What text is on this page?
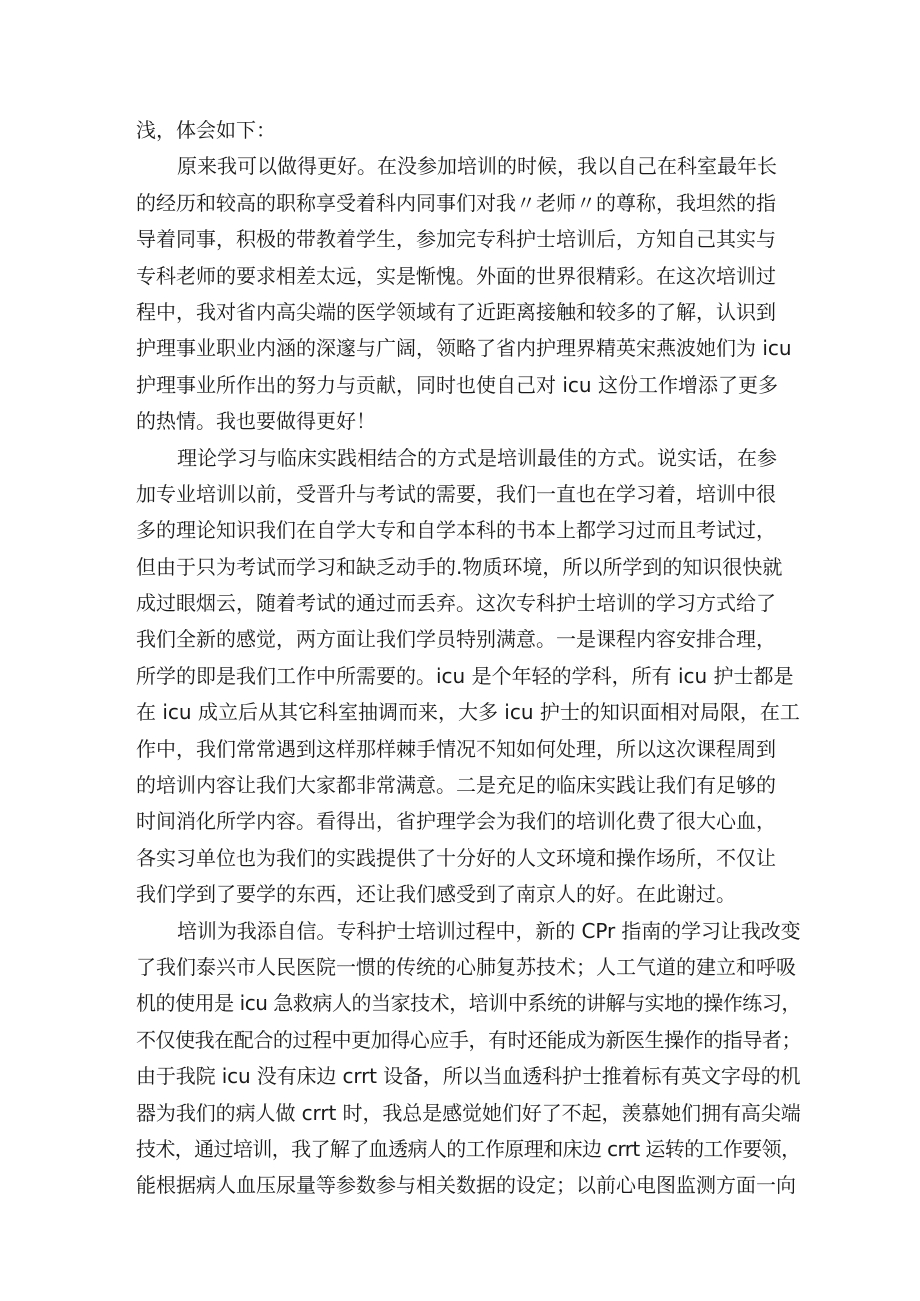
浅，体会如下：
原来我可以做得更好。在没参加培训的时候，我以自己在科室最年长
的经历和较高的职称享受着科内同事们对我〃老师〃的尊称，我坦然的指
导着同事，积极的带教着学生，参加完专科护士培训后，方知自己其实与
专科老师的要求相差太远，实是惭愧。外面的世界很精彩。在这次培训过
程中，我对省内高尖端的医学领域有了近距离接触和较多的了解，认识到
护理事业职业内涵的深邃与广阔，领略了省内护理界精英宋燕波她们为 icu
护理事业所作出的努力与贡献，同时也使自己对 icu 这份工作增添了更多
的热情。我也要做得更好！
理论学习与临床实践相结合的方式是培训最佳的方式。说实话，在参
加专业培训以前，受晋升与考试的需要，我们一直也在学习着，培训中很
多的理论知识我们在自学大专和自学本科的书本上都学习过而且考试过，
但由于只为考试而学习和缺乏动手的.物质环境，所以所学到的知识很快就
成过眼烟云，随着考试的通过而丢弃。这次专科护士培训的学习方式给了
我们全新的感觉，两方面让我们学员特别满意。一是课程内容安排合理，
所学的即是我们工作中所需要的。icu 是个年轻的学科，所有 icu 护士都是
在 icu 成立后从其它科室抽调而来，大多 icu 护士的知识面相对局限，在工
作中，我们常常遇到这样那样棘手情况不知如何处理，所以这次课程周到
的培训内容让我们大家都非常满意。二是充足的临床实践让我们有足够的
时间消化所学内容。看得出，省护理学会为我们的培训化费了很大心血，
各实习单位也为我们的实践提供了十分好的人文环境和操作场所，不仅让
我们学到了要学的东西，还让我们感受到了南京人的好。在此谢过。
培训为我添自信。专科护士培训过程中，新的 CPr 指南的学习让我改变
了我们泰兴市人民医院一惯的传统的心肺复苏技术；人工气道的建立和呼吸
机的使用是 icu 急救病人的当家技术，培训中系统的讲解与实地的操作练习，
不仅使我在配合的过程中更加得心应手，有时还能成为新医生操作的指导者；
由于我院 icu 没有床边 crrt 设备，所以当血透科护士推着标有英文字母的机
器为我们的病人做 crrt 时，我总是感觉她们好了不起，羡慕她们拥有高尖端
技术，通过培训，我了解了血透病人的工作原理和床边 crrt 运转的工作要领，
能根据病人血压尿量等参数参与相关数据的设定；以前心电图监测方面一向
